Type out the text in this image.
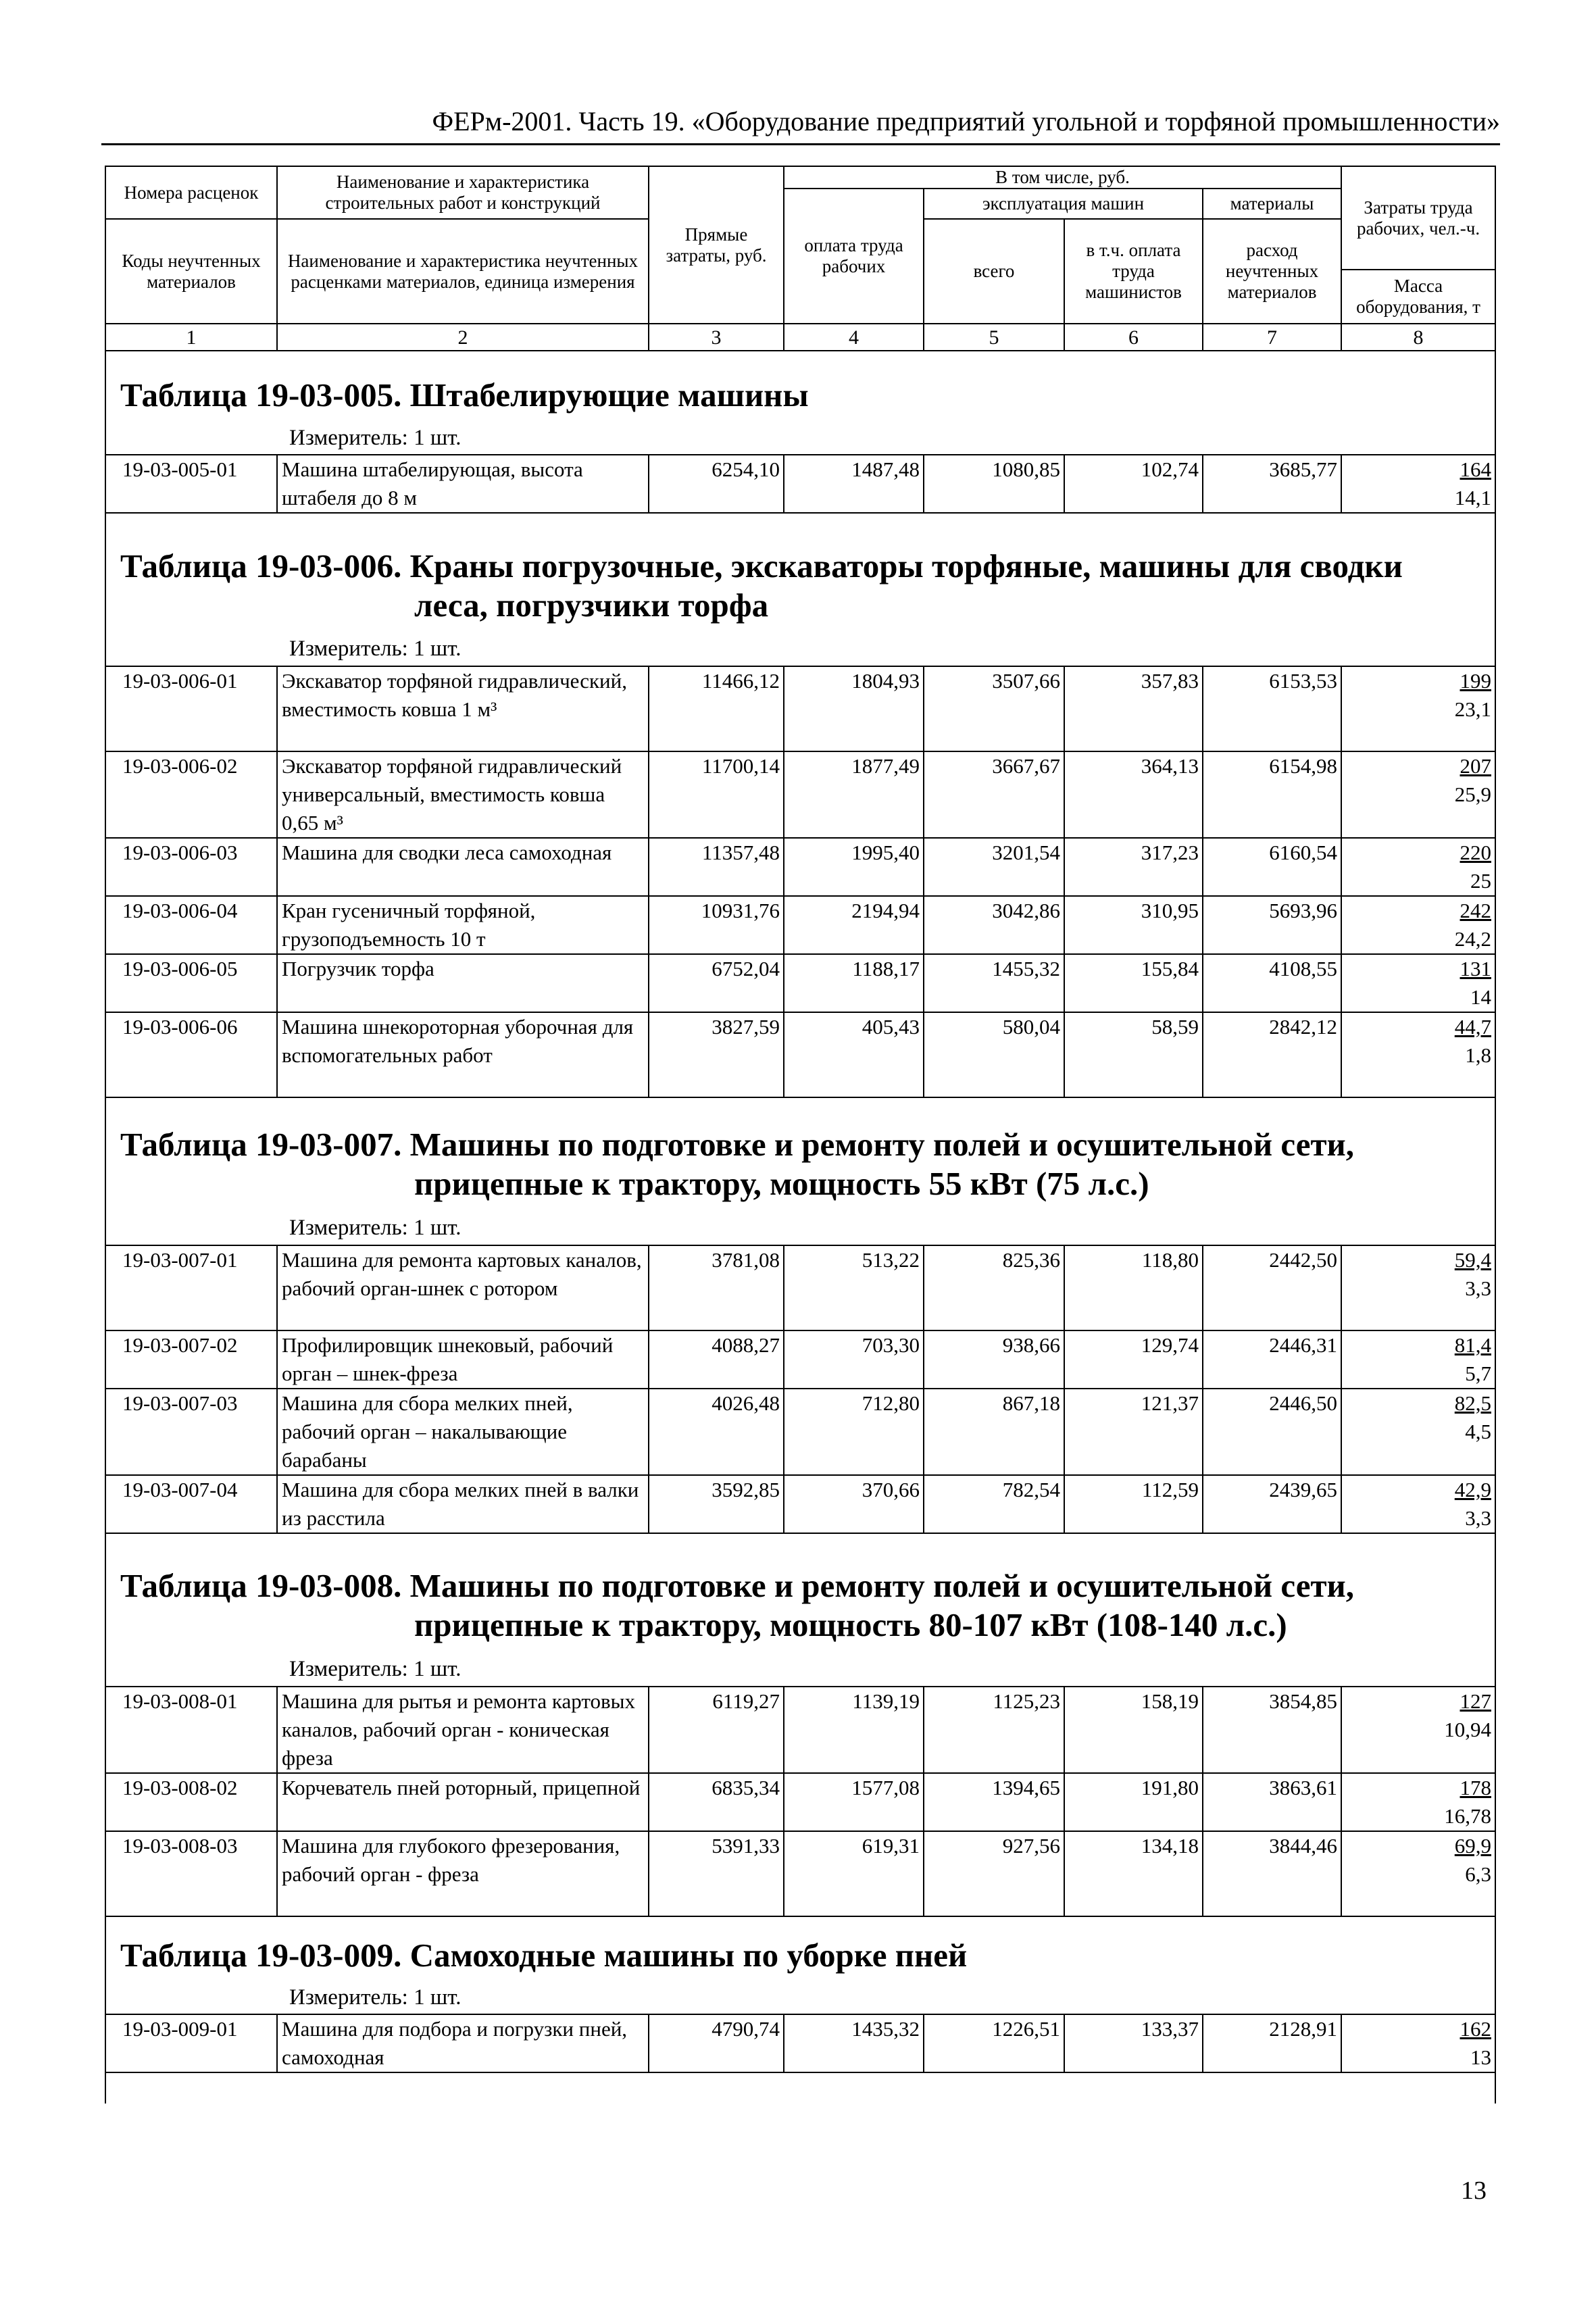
ФЕРм-2001. Часть 19. «Оборудование предприятий угольной и торфяной промышленности»
Номера расценок	Наименование и характеристика строительных работ и конструкций	Прямые затраты, руб.	В том числе, руб.				Затраты труда рабочих, чел.-ч.
			оплата труда рабочих	эксплуатация машин		материалы	
Коды неучтенных материалов	Наименование и характеристика неучтенных расценками материалов, единица измерения			всего	в т.ч. оплата труда машинистов	расход неучтенных материалов	
							Масса оборудования, т
1	2	3	4	5	6	7	8
Таблица 19-03-005. Штабелирующие машины
Измеритель: 1 шт.
19-03-005-01	Машина штабелирующая, высота штабеля до 8 м	6254,10	1487,48	1080,85	102,74	3685,77	164
14,1
Таблица 19-03-006. Краны погрузочные, экскаваторы торфяные, машины для сводки
леса, погрузчики торфа
Измеритель: 1 шт.
19-03-006-01	Экскаватор торфяной гидравлический, вместимость ковша 1 м³	11466,12	1804,93	3507,66	357,83	6153,53	199
23,1

19-03-006-02	Экскаватор торфяной гидравлический универсальный, вместимость ковша 0,65 м³	11700,14	1877,49	3667,67	364,13	6154,98	207
25,9

19-03-006-03	Машина для сводки леса самоходная	11357,48	1995,40	3201,54	317,23	6160,54	220
25

19-03-006-04	Кран гусеничный торфяной, грузоподъемность 10 т	10931,76	2194,94	3042,86	310,95	5693,96	242
24,2

19-03-006-05	Погрузчик торфа	6752,04	1188,17	1455,32	155,84	4108,55	131
14

19-03-006-06	Машина шнекороторная уборочная для вспомогательных работ	3827,59	405,43	580,04	58,59	2842,12	44,7
1,8
Таблица 19-03-007. Машины по подготовке и ремонту полей и осушительной сети,
прицепные к трактору, мощность 55 кВт (75 л.с.)
Измеритель: 1 шт.
19-03-007-01	Машина для ремонта картовых каналов, рабочий орган-шнек с ротором	3781,08	513,22	825,36	118,80	2442,50	59,4
3,3

19-03-007-02	Профилировщик шнековый, рабочий орган – шнек-фреза	4088,27	703,30	938,66	129,74	2446,31	81,4
5,7

19-03-007-03	Машина для сбора мелких пней, рабочий орган – накалывающие барабаны	4026,48	712,80	867,18	121,37	2446,50	82,5
4,5

19-03-007-04	Машина для сбора мелких пней в валки из расстила	3592,85	370,66	782,54	112,59	2439,65	42,9
3,3
Таблица 19-03-008. Машины по подготовке и ремонту полей и осушительной сети,
прицепные к трактору, мощность 80-107 кВт (108-140 л.с.)
Измеритель: 1 шт.
19-03-008-01	Машина для рытья и ремонта картовых каналов, рабочий орган - коническая фреза	6119,27	1139,19	1125,23	158,19	3854,85	127
10,94

19-03-008-02	Корчеватель пней роторный, прицепной	6835,34	1577,08	1394,65	191,80	3863,61	178
16,78

19-03-008-03	Машина для глубокого фрезерования, рабочий орган - фреза	5391,33	619,31	927,56	134,18	3844,46	69,9
6,3
Таблица 19-03-009. Самоходные машины по уборке пней
Измеритель: 1 шт.
19-03-009-01	Машина для подбора и погрузки пней, самоходная	4790,74	1435,32	1226,51	133,37	2128,91	162
13
13
